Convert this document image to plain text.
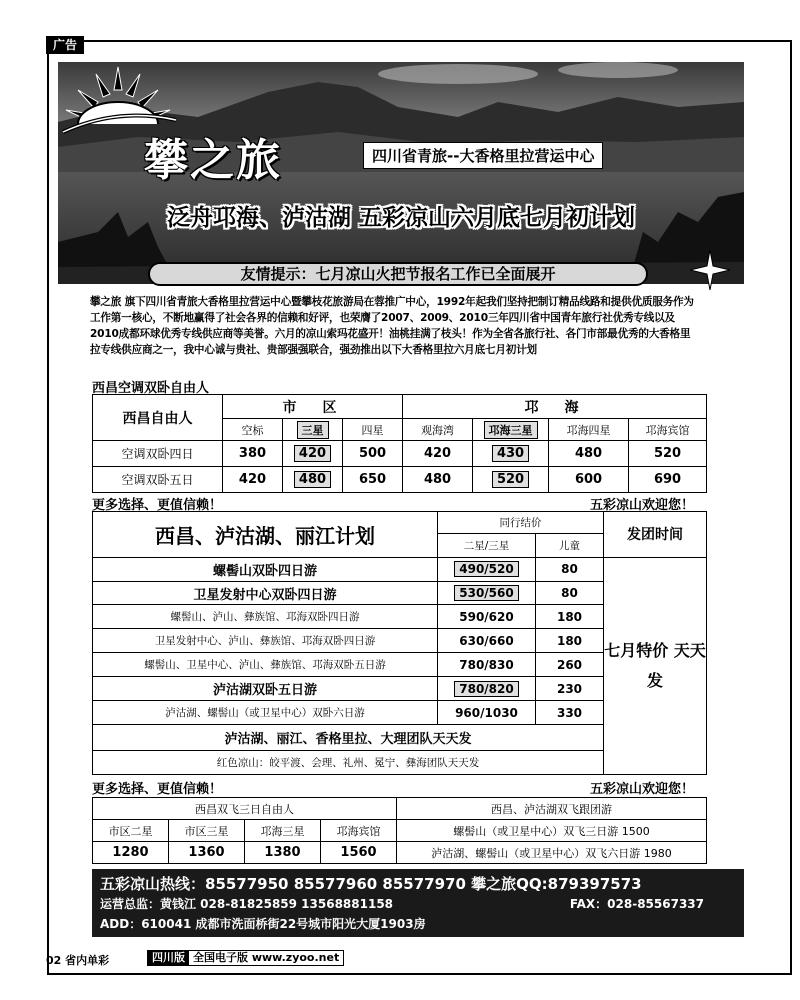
广告
攀之旅	四川省青旅--大香格里拉营运中心
泛舟邛海、泸沽湖 五彩凉山六月底七月初计划
友情提示：七月凉山火把节报名工作已全面展开
攀之旅 旗下四川省青旅大香格里拉营运中心暨攀枝花旅游局在蓉推广中心，1992年起我们坚持把制订精品线路和提供优质服务作为工作第一核心，不断地赢得了社会各界的信赖和好评，也荣膺了2007、2009、2010三年四川省中国青年旅行社优秀专线以及2010成都环球优秀专线供应商等美誉。六月的凉山索玛花盛开！油桃挂满了枝头！作为全省各旅行社、各门市部最优秀的大香格里拉专线供应商之一，我中心诚与贵社、贵部强强联合，强劲推出以下大香格里拉六月底七月初计划
西昌空调双卧自由人
西昌自由人	市　区			邛　海			
	空标	三星	四星	观海湾	邛海三星	邛海四星	邛海宾馆
空调双卧四日	380	420	500	420	430	480	520
空调双卧五日	420	480	650	480	520	600	690
更多选择、更值信赖！	五彩凉山欢迎您！
西昌、泸沽湖、丽江计划	同行结价		发团时间
	二星/三星	儿童	
螺髻山双卧四日游	490/520	80	七月特价 天天发
卫星发射中心双卧四日游	530/560	80	
螺髻山、泸山、彝族馆、邛海双卧四日游	590/620	180	
卫星发射中心、泸山、彝族馆、邛海双卧四日游	630/660	180	
螺髻山、卫星中心、泸山、彝族馆、邛海双卧五日游	780/830	260	
泸沽湖双卧五日游	780/820	230	
泸沽湖、螺髻山（或卫星中心）双卧六日游	960/1030	330	
泸沽湖、丽江、香格里拉、大理团队天天发			
红色凉山：皎平渡、会理、礼州、冕宁、彝海团队天天发			
更多选择、更值信赖！	五彩凉山欢迎您！
西昌双飞三日自由人				西昌、泸沽湖双飞跟团游
市区二星	市区三星	邛海三星	邛海宾馆	螺髻山（或卫星中心）双飞三日游 1500
1280	1360	1380	1560	泸沽湖、螺髻山（或卫星中心）双飞六日游 1980
五彩凉山热线：85577950 85577960 85577970 攀之旅QQ:879397573
运营总监：黄钱江 028-81825859 13568881158	FAX：028-85567337
ADD：610041 成都市洗面桥街22号城市阳光大厦1903房
02 省内单彩	四川版 全国电子版 www.zyoo.net
